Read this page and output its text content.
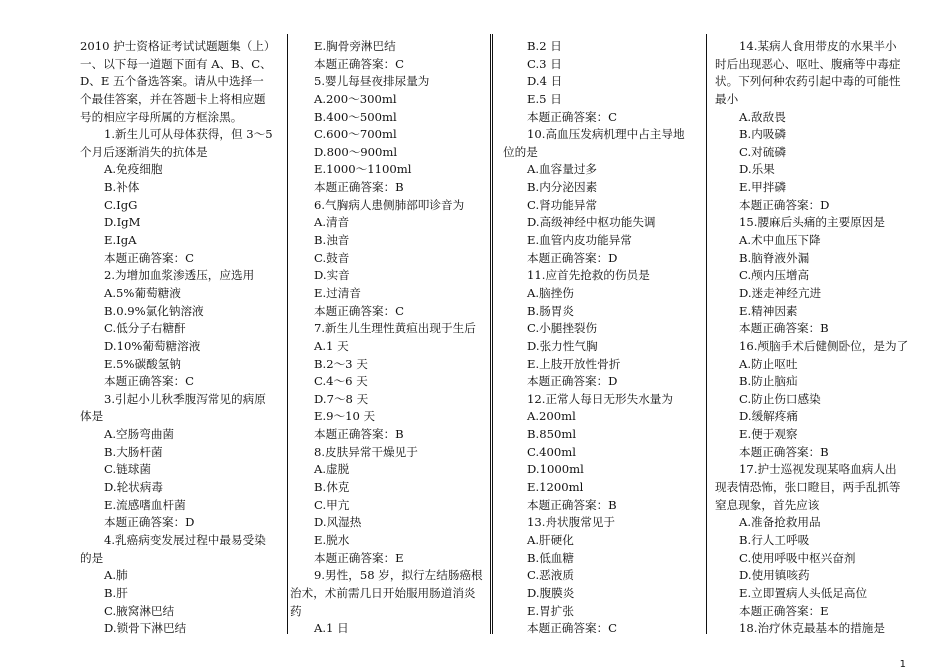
2010 护士资格证考试试题题集（上）
一、以下每一道题下面有 A、B、C、
D、E 五个备选答案。请从中选择一
个最佳答案，并在答题卡上将相应题
号的相应字母所属的方框涂黑。
1.新生儿可从母体获得，但 3～5
个月后逐渐消失的抗体是
A.免疫细胞
B.补体
C.IgG
D.IgM
E.IgA
本题正确答案：C
2.为增加血浆渗透压，应选用
A.5%葡萄糖液
B.0.9%氯化钠溶液
C.低分子右糖酐
D.10%葡萄糖溶液
E.5%碳酸氢钠
本题正确答案：C
3.引起小儿秋季腹泻常见的病原
体是
A.空肠弯曲菌
B.大肠杆菌
C.链球菌
D.轮状病毒
E.流感嗜血杆菌
本题正确答案：D
4.乳癌病变发展过程中最易受染
的是
A.肺
B.肝
C.腋窝淋巴结
D.锁骨下淋巴结
E.胸骨旁淋巴结
本题正确答案：C
5.婴儿每昼夜排尿量为
A.200～300ml
B.400～500ml
C.600～700ml
D.800～900ml
E.1000～1100ml
本题正确答案：B
6.气胸病人患侧肺部叩诊音为
A.清音
B.浊音
C.鼓音
D.实音
E.过清音
本题正确答案：C
7.新生儿生理性黄疸出现于生后
A.1 天
B.2～3 天
C.4～6 天
D.7～8 天
E.9～10 天
本题正确答案：B
8.皮肤异常干燥见于
A.虚脱
B.休克
C.甲亢
D.风湿热
E.脱水
本题正确答案：E
9.男性，58 岁，拟行左结肠癌根
治术，术前需几日开始服用肠道消炎
药
A.1 日
B.2 日
C.3 日
D.4 日
E.5 日
本题正确答案：C
10.高血压发病机理中占主导地
位的是
A.血容量过多
B.内分泌因素
C.肾功能异常
D.高级神经中枢功能失调
E.血管内皮功能异常
本题正确答案：D
11.应首先抢救的伤员是
A.脑挫伤
B.肠胃炎
C.小腿挫裂伤
D.张力性气胸
E.上肢开放性骨折
本题正确答案：D
12.正常人每日无形失水量为
A.200ml
B.850ml
C.400ml
D.1000ml
E.1200ml
本题正确答案：B
13.舟状腹常见于
A.肝硬化
B.低血糖
C.恶液质
D.腹膜炎
E.胃扩张
本题正确答案：C
14.某病人食用带皮的水果半小
时后出现恶心、呕吐、腹痛等中毒症
状。下列何种农药引起中毒的可能性
最小
A.敌敌畏
B.内吸磷
C.对硫磷
D.乐果
E.甲拌磷
本题正确答案：D
15.腰麻后头痛的主要原因是
A.术中血压下降
B.脑脊液外漏
C.颅内压增高
D.迷走神经亢进
E.精神因素
本题正确答案：B
16.颅脑手术后健侧卧位，是为了
A.防止呕吐
B.防止脑疝
C.防止伤口感染
D.缓解疼痛
E.便于观察
本题正确答案：B
17.护士巡视发现某咯血病人出
现表情恐怖，张口瞪目，两手乱抓等
窒息现象，首先应该
A.准备抢救用品
B.行人工呼吸
C.使用呼吸中枢兴奋剂
D.使用镇咳药
E.立即置病人头低足高位
本题正确答案：E
18.治疗休克最基本的措施是
1
